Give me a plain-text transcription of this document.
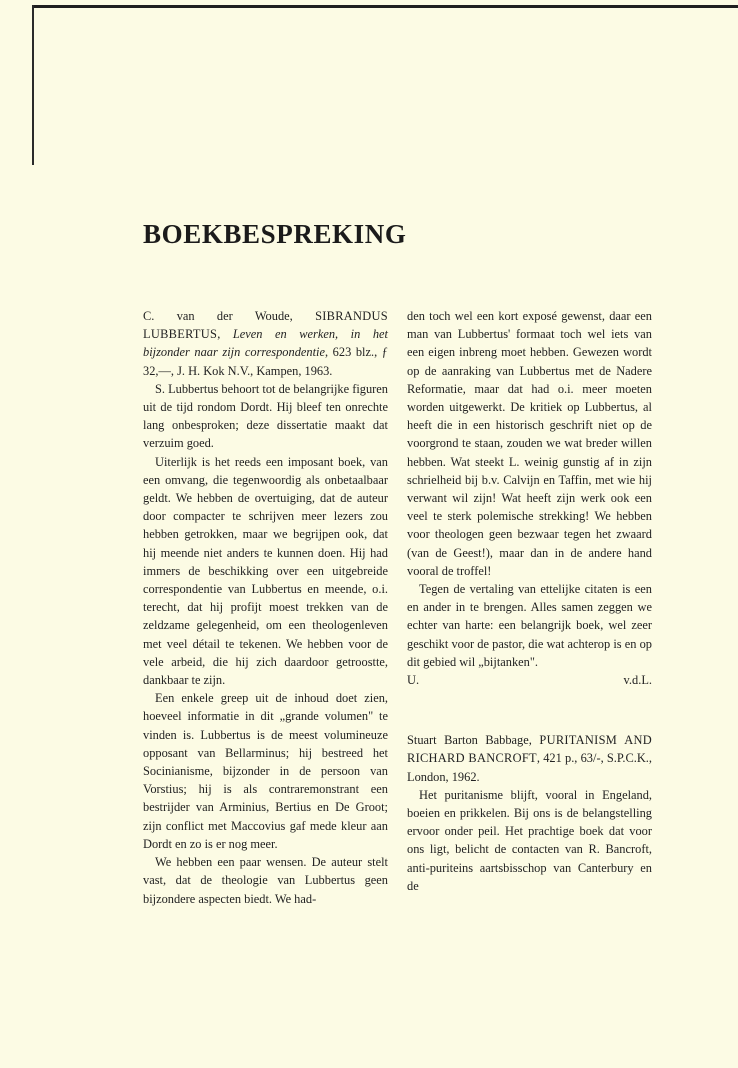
BOEKBESPREKING

C. van der Woude, SIBRANDUS LUBBERTUS, Leven en werken, in het bijzonder naar zijn correspondentie, 623 blz., ƒ 32,—, J. H. Kok N.V., Kampen, 1963.

S. Lubbertus behoort tot de belangrijke figuren uit de tijd rondom Dordt. Hij bleef ten onrechte lang onbesproken; deze dissertatie maakt dat verzuim goed.

Uiterlijk is het reeds een imposant boek, van een omvang, die tegenwoordig als onbetaalbaar geldt. We hebben de overtuiging, dat de auteur door compacter te schrijven meer lezers zou hebben getrokken, maar we begrijpen ook, dat hij meende niet anders te kunnen doen. Hij had immers de beschikking over een uitgebreide correspondentie van Lubbertus en meende, o.i. terecht, dat hij profijt moest trekken van de zeldzame gelegenheid, om een theologenleven met veel détail te tekenen. We hebben voor de vele arbeid, die hij zich daardoor getroostte, dankbaar te zijn.

Een enkele greep uit de inhoud doet zien, hoeveel informatie in dit „grande volumen" te vinden is. Lubbertus is de meest volumineuze opposant van Bellarminus; hij bestreed het Socinianisme, bijzonder in de persoon van Vorstius; hij is als contraremonstrant een bestrijder van Arminius, Bertius en De Groot; zijn conflict met Maccovius gaf mede kleur aan Dordt en zo is er nog meer.

We hebben een paar wensen. De auteur stelt vast, dat de theologie van Lubbertus geen bijzondere aspecten biedt. We had-

den toch wel een kort exposé gewenst, daar een man van Lubbertus' formaat toch wel iets van een eigen inbreng moet hebben. Gewezen wordt op de aanraking van Lubbertus met de Nadere Reformatie, maar dat had o.i. meer moeten worden uitgewerkt. De kritiek op Lubbertus, al heeft die in een historisch geschrift niet op de voorgrond te staan, zouden we wat breder willen hebben. Wat steekt L. weinig gunstig af in zijn schrielheid bij b.v. Calvijn en Taffin, met wie hij verwant wil zijn! Wat heeft zijn werk ook een veel te sterk polemische strekking! We hebben voor theologen geen bezwaar tegen het zwaard (van de Geest!), maar dan in de andere hand vooral de troffel!

Tegen de vertaling van ettelijke citaten is een en ander in te brengen. Alles samen zeggen we echter van harte: een belangrijk boek, wel zeer geschikt voor de pastor, die wat achterop is en op dit gebied wil „bijtanken".

U.	v.d.L.

Stuart Barton Babbage, PURITANISM AND RICHARD BANCROFT, 421 p., 63/-, S.P.C.K., London, 1962.

Het puritanisme blijft, vooral in Engeland, boeien en prikkelen. Bij ons is de belangstelling ervoor onder peil. Het prachtige boek dat voor ons ligt, belicht de contacten van R. Bancroft, anti-puriteins aartsbisschop van Canterbury en de
